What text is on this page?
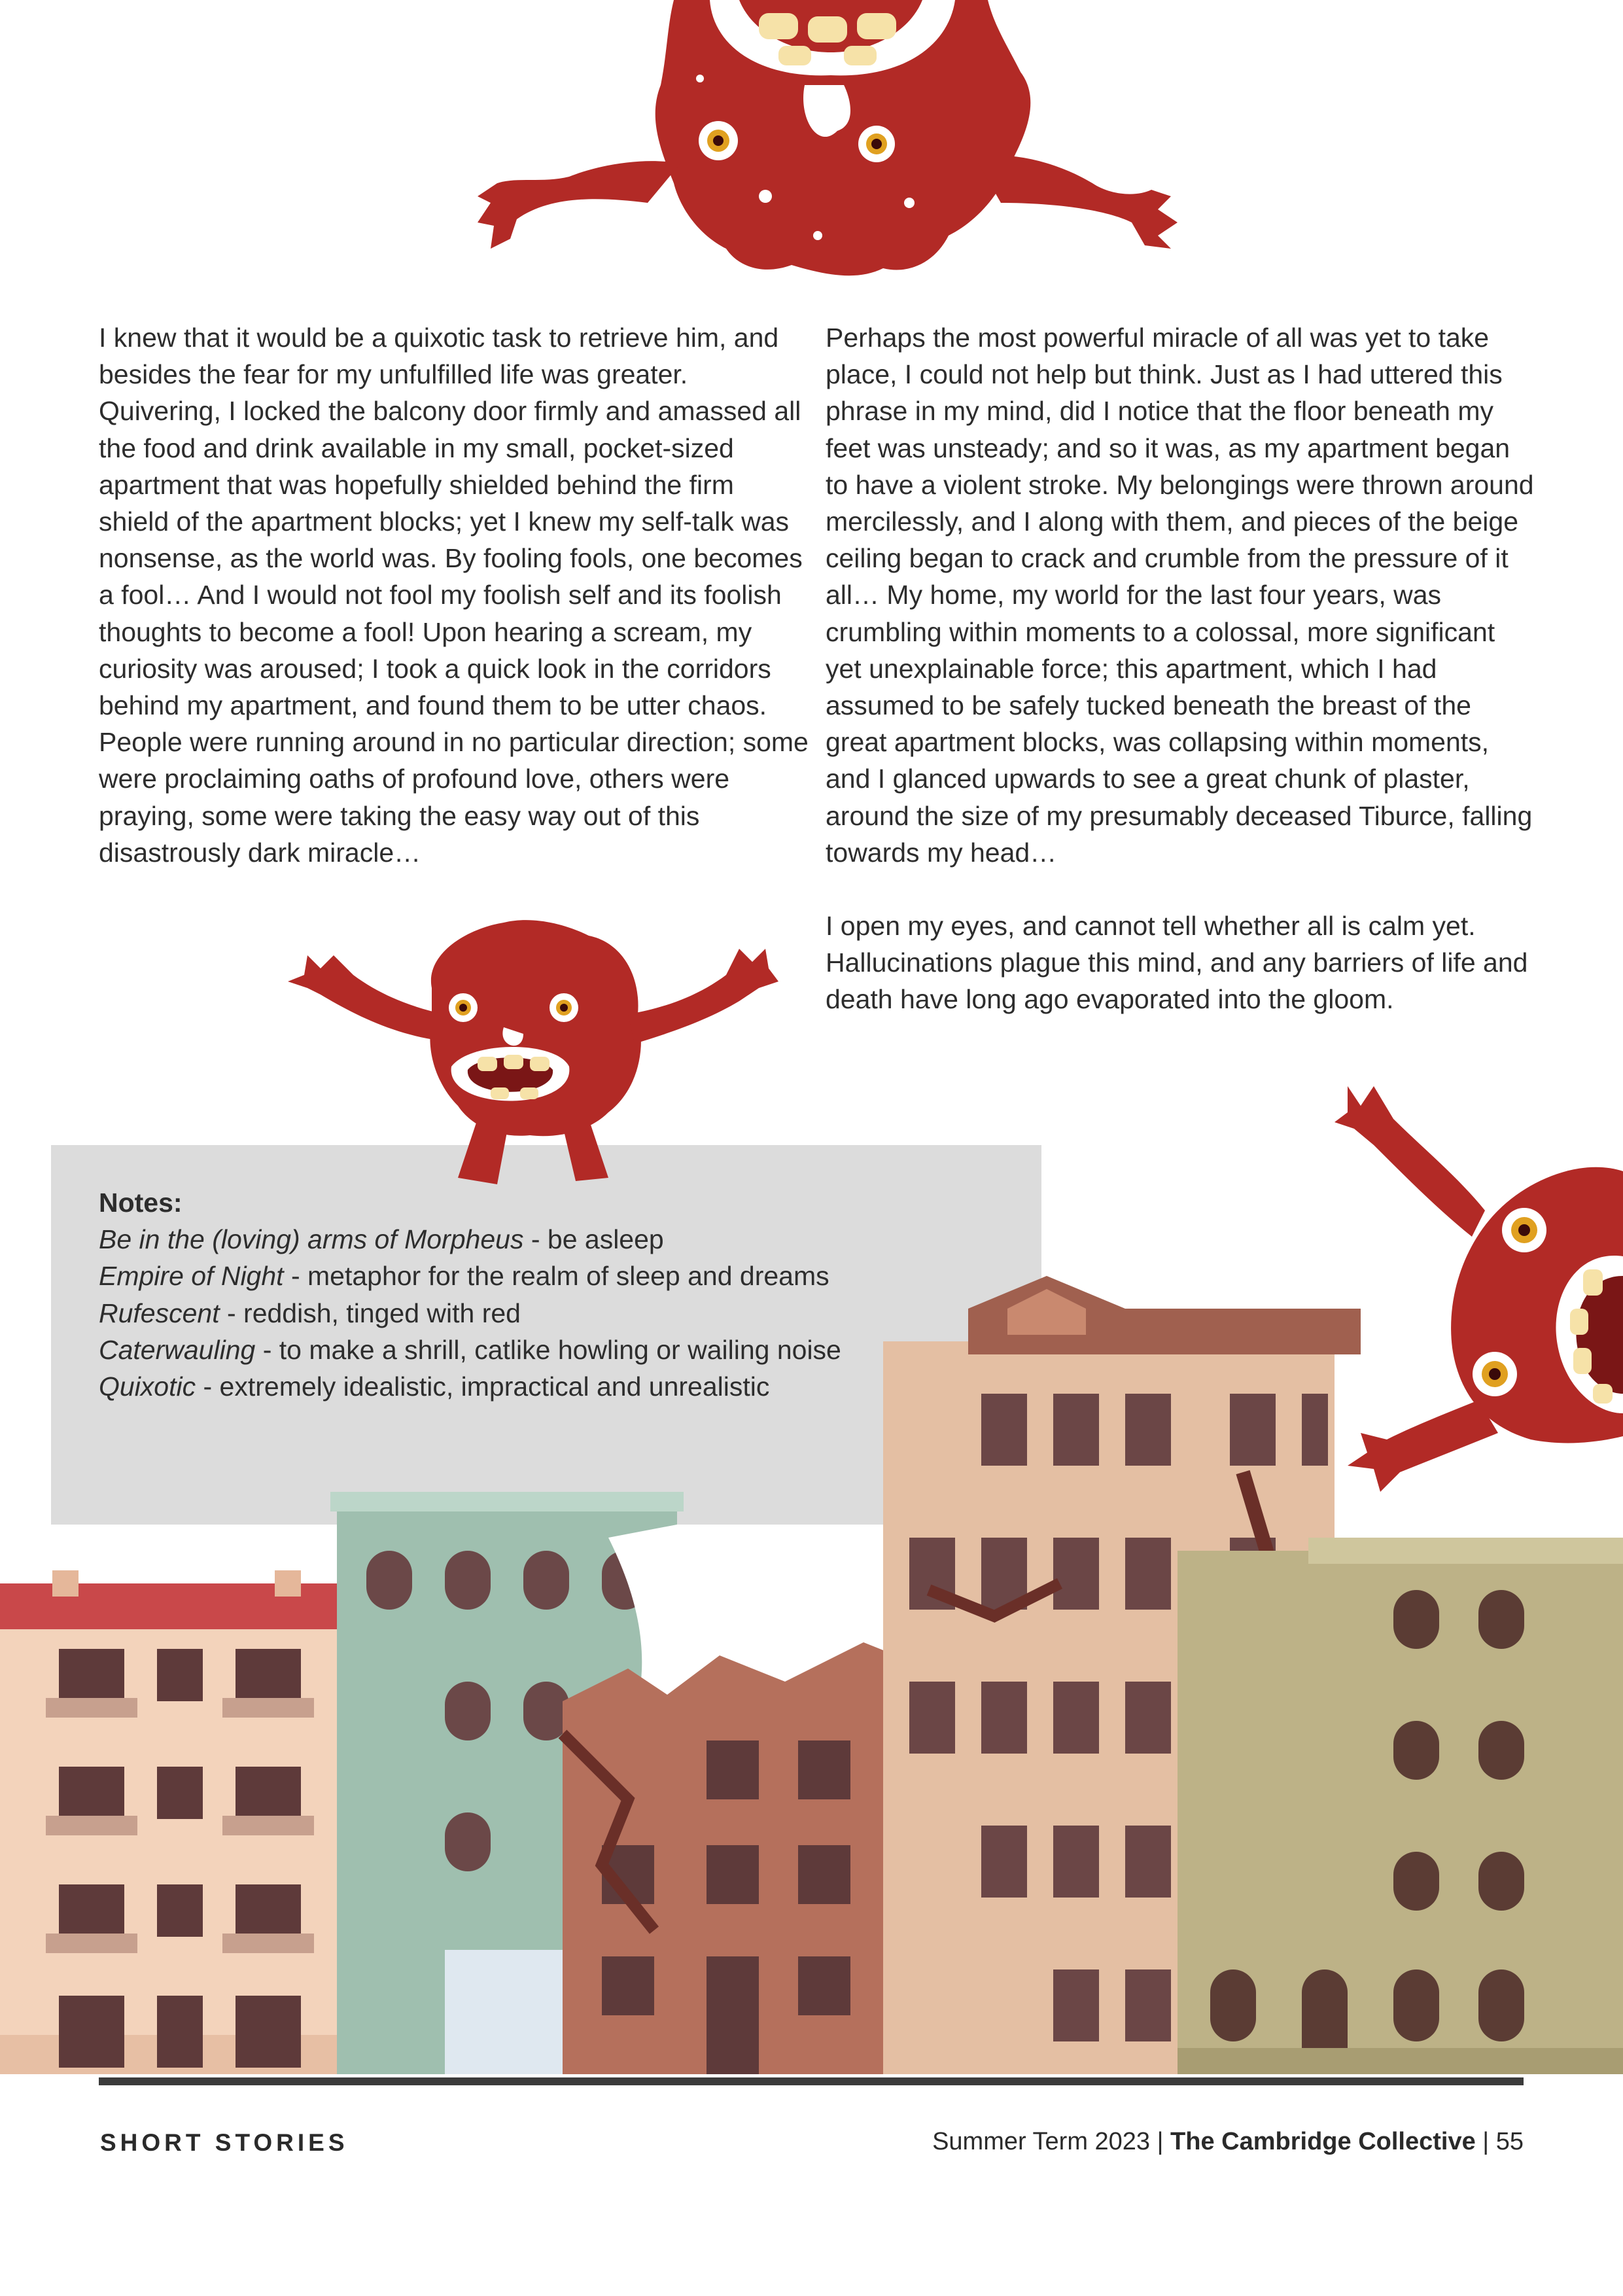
I knew that it would be a quixotic task to retrieve him, and besides the fear for my unfulfilled life was greater. Quivering, I locked the balcony door firmly and amassed all the food and drink available in my small, pocket-sized apartment that was hopefully shielded behind the firm shield of the apartment blocks; yet I knew my self-talk was nonsense, as the world was. By fooling fools, one becomes a fool… And I would not fool my foolish self and its foolish thoughts to become a fool! Upon hearing a scream, my curiosity was aroused; I took a quick look in the corridors behind my apartment, and found them to be utter chaos. People were running around in no particular direction; some were proclaiming oaths of profound love, others were praying, some were taking the easy way out of this disastrously dark miracle…

Perhaps the most powerful miracle of all was yet to take place, I could not help but think. Just as I had uttered this phrase in my mind, did I notice that the floor beneath my feet was unsteady; and so it was, as my apartment began to have a violent stroke. My belongings were thrown around mercilessly, and I along with them, and pieces of the beige ceiling began to crack and crumble from the pressure of it all… My home, my world for the last four years, was crumbling within moments to a colossal, more significant yet unexplainable force; this apartment, which I had assumed to be safely tucked beneath the breast of the great apartment blocks, was collapsing within moments, and I glanced upwards to see a great chunk of plaster, around the size of my presumably deceased Tiburce, falling towards my head…

I open my eyes, and cannot tell whether all is calm yet. Hallucinations plague this mind, and any barriers of life and death have long ago evaporated into the gloom.

Notes:
Be in the (loving) arms of Morpheus - be asleep
Empire of Night - metaphor for the realm of sleep and dreams
Rufescent - reddish, tinged with red
Caterwauling - to make a shrill, catlike howling or wailing noise
Quixotic - extremely idealistic, impractical and unrealistic
SHORT STORIES	Summer Term 2023 | The Cambridge Collective | 55
